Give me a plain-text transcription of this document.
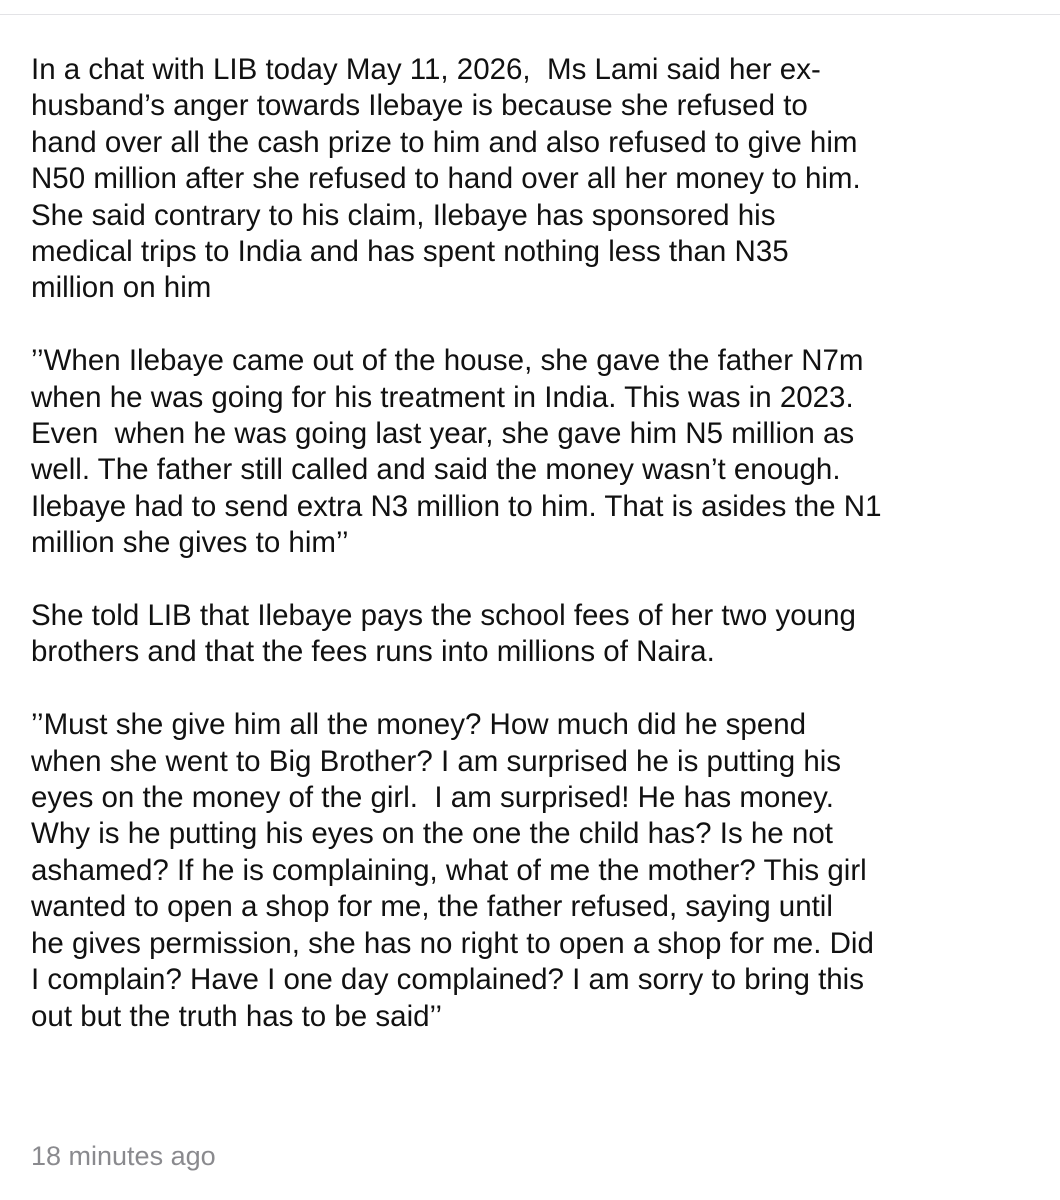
In a chat with LIB today May 11, 2026,  Ms Lami said her ex-
husband’s anger towards Ilebaye is because she refused to
hand over all the cash prize to him and also refused to give him
N50 million after she refused to hand over all her money to him.
She said contrary to his claim, Ilebaye has sponsored his
medical trips to India and has spent nothing less than N35
million on him

’’When Ilebaye came out of the house, she gave the father N7m
when he was going for his treatment in India. This was in 2023.
Even  when he was going last year, she gave him N5 million as
well. The father still called and said the money wasn’t enough.
Ilebaye had to send extra N3 million to him. That is asides the N1
million she gives to him’’

She told LIB that Ilebaye pays the school fees of her two young
brothers and that the fees runs into millions of Naira.

’’Must she give him all the money? How much did he spend
when she went to Big Brother? I am surprised he is putting his
eyes on the money of the girl.  I am surprised! He has money.
Why is he putting his eyes on the one the child has? Is he not
ashamed? If he is complaining, what of me the mother? This girl
wanted to open a shop for me, the father refused, saying until
he gives permission, she has no right to open a shop for me. Did
I complain? Have I one day complained? I am sorry to bring this
out but the truth has to be said’’

18 minutes ago
